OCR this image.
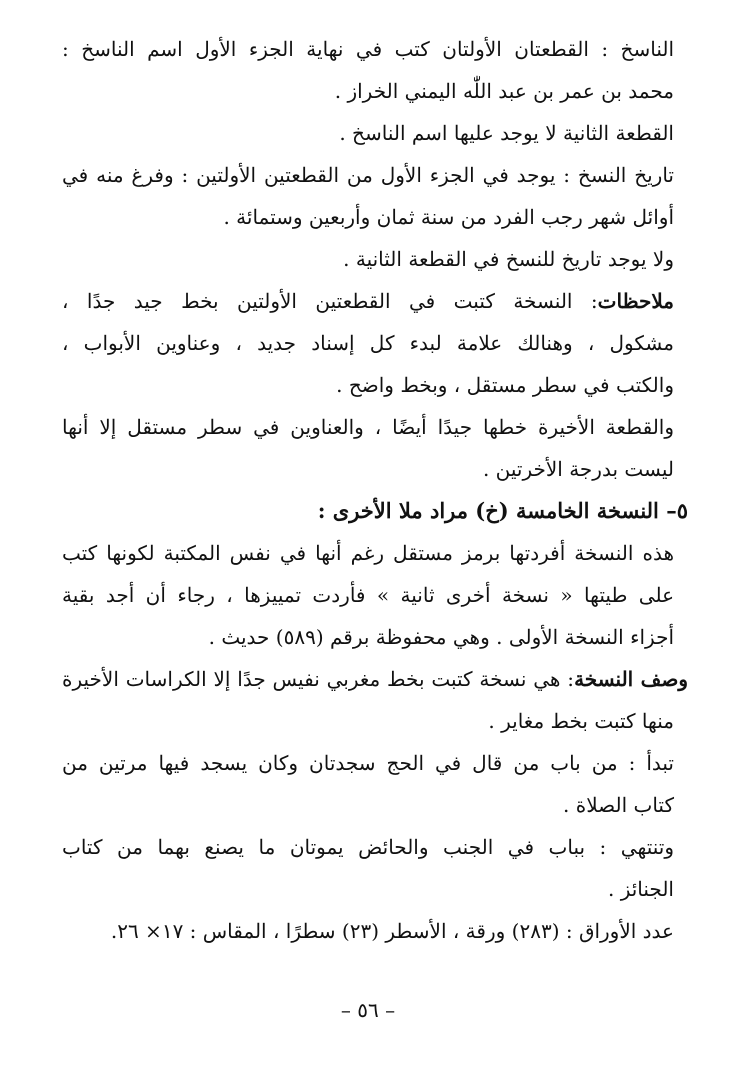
الناسخ : القطعتان الأولتان كتب في نهاية الجزء الأول اسم الناسخ :
محمد بن عمر بن عبد اللّٰه اليمني الخراز .
القطعة الثانية لا يوجد عليها اسم الناسخ .
تاريخ النسخ : يوجد في الجزء الأول من القطعتين الأولتين : وفرغ منه في
أوائل شهر رجب الفرد من سنة ثمان وأربعين وستمائة .
ولا يوجد تاريخ للنسخ في القطعة الثانية .
ملاحظات: النسخة كتبت في القطعتين الأولتين بخط جيد جدًا ،
مشكول ، وهنالك علامة لبدء كل إسناد جديد ، وعناوين الأبواب ،
والكتب في سطر مستقل ، وبخط واضح .
والقطعة الأخيرة خطها جيدًا أيضًا ، والعناوين في سطر مستقل إلا أنها
ليست بدرجة الأخرتين .
٥– النسخة الخامسة (خ) مراد ملا الأخرى :
هذه النسخة أفردتها برمز مستقل رغم أنها في نفس المكتبة لكونها كتب
على طيتها « نسخة أخرى ثانية » فأردت تمييزها ، رجاء أن أجد بقية
أجزاء النسخة الأولى . وهي محفوظة برقم (٥٨٩) حديث .
وصف النسخة: هي نسخة كتبت بخط مغربي نفيس جدًا إلا الكراسات الأخيرة
منها كتبت بخط مغاير .
تبدأ : من باب من قال في الحج سجدتان وكان يسجد فيها مرتين من
كتاب الصلاة .
وتنتهي : بباب في الجنب والحائض يموتان ما يصنع بهما من كتاب
الجنائز .
عدد الأوراق : (٢٨٣) ورقة ، الأسطر (٢٣) سطرًا ، المقاس : ١٧× ٢٦.
– ٥٦ –
